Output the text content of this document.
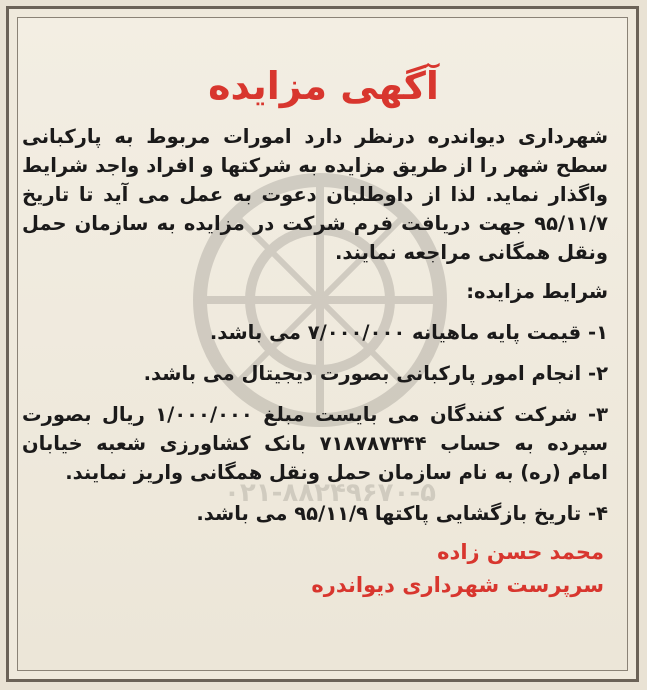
آگهی مزایده

شهرداری دیواندره درنظر دارد امورات مربوط به پارکبانی سطح شهر را از طریق مزایده به شرکتها و افراد واجد شرایط واگذار نماید. لذا از داوطلبان دعوت به عمل می آید تا تاریخ ۹۵/۱۱/۷ جهت دریافت فرم شرکت در مزایده به سازمان حمل ونقل همگانی مراجعه نمایند.

شرایط مزایده:
۱- قیمت پایه ماهیانه ۷/۰۰۰/۰۰۰ می باشد.
۲- انجام امور پارکبانی بصورت دیجیتال می باشد.
۳- شرکت کنندگان می بایست مبلغ ۱/۰۰۰/۰۰۰ ریال بصورت سپرده به حساب ۷۱۸۷۸۷۳۴۴ بانک کشاورزی شعبه خیابان امام (ره) به نام سازمان حمل ونقل همگانی واریز نمایند.
۴- تاریخ بازگشایی پاکتها ۹۵/۱۱/۹ می باشد.
محمد حسن زاده
سرپرست شهرداری دیواندره
۰۲۱-۸۸۲۴۹۶۷۰-۵
